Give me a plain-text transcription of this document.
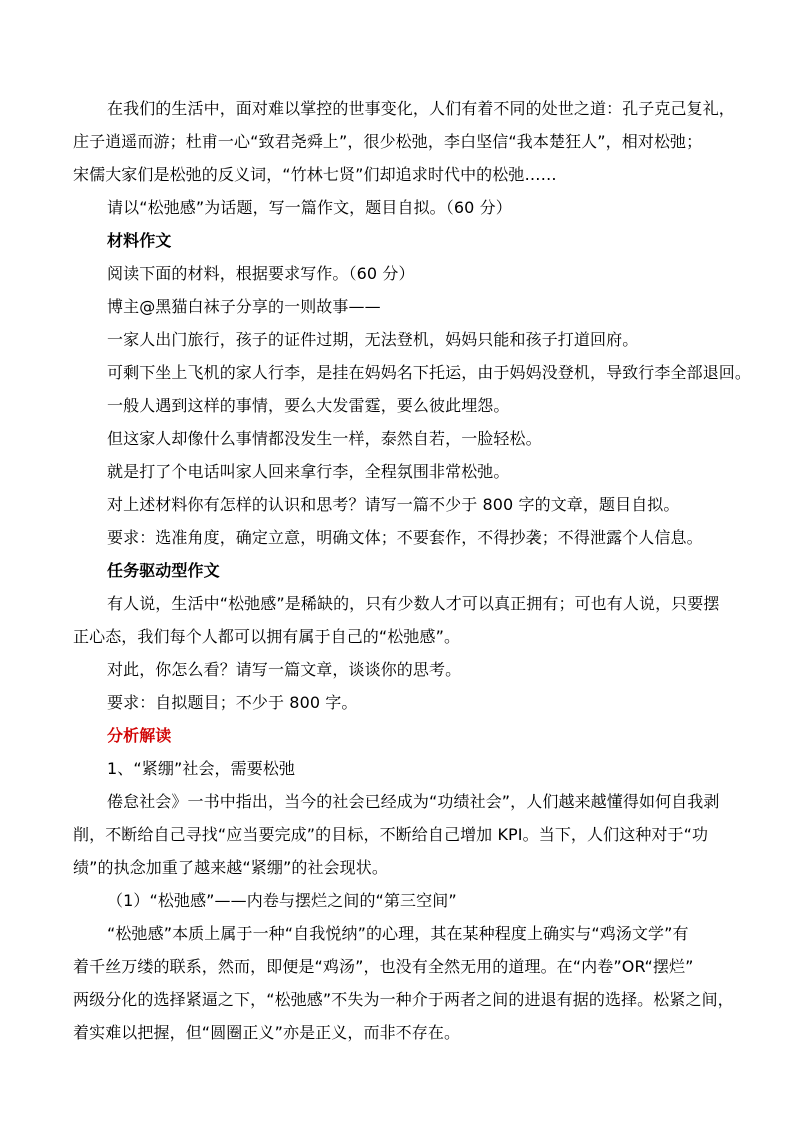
在我们的生活中，面对难以掌控的世事变化，人们有着不同的处世之道：孔子克己复礼，
庄子逍遥而游；杜甫一心“致君尧舜上”，很少松弛，李白坚信“我本楚狂人”，相对松弛；
宋儒大家们是松弛的反义词，“竹林七贤”们却追求时代中的松弛……
请以“松弛感”为话题，写一篇作文，题目自拟。（60 分）
材料作文
阅读下面的材料，根据要求写作。（60 分）
博主@黑猫白袜子分享的一则故事——
一家人出门旅行，孩子的证件过期，无法登机，妈妈只能和孩子打道回府。
可剩下坐上飞机的家人行李，是挂在妈妈名下托运，由于妈妈没登机，导致行李全部退回。
一般人遇到这样的事情，要么大发雷霆，要么彼此埋怨。
但这家人却像什么事情都没发生一样，泰然自若，一脸轻松。
就是打了个电话叫家人回来拿行李，全程氛围非常松弛。
对上述材料你有怎样的认识和思考？请写一篇不少于 800 字的文章，题目自拟。
要求：选准角度，确定立意，明确文体；不要套作，不得抄袭；不得泄露个人信息。
任务驱动型作文
有人说，生活中“松弛感”是稀缺的，只有少数人才可以真正拥有；可也有人说，只要摆
正心态，我们每个人都可以拥有属于自己的“松弛感”。
对此，你怎么看？请写一篇文章，谈谈你的思考。
要求：自拟题目；不少于 800 字。
分析解读
1、“紧绷”社会，需要松弛
倦怠社会》一书中指出，当今的社会已经成为“功绩社会”，人们越来越懂得如何自我剥
削，不断给自己寻找“应当要完成”的目标，不断给自己增加 KPI。当下，人们这种对于“功
绩”的执念加重了越来越“紧绷”的社会现状。
（1）“松弛感”——内卷与摆烂之间的“第三空间”
“松弛感”本质上属于一种“自我悦纳”的心理，其在某种程度上确实与“鸡汤文学”有
着千丝万缕的联系，然而，即便是“鸡汤”，也没有全然无用的道理。在“内卷”OR“摆烂”
两级分化的选择紧逼之下，“松弛感”不失为一种介于两者之间的进退有据的选择。松紧之间，
着实难以把握，但“圆圈正义”亦是正义，而非不存在。
